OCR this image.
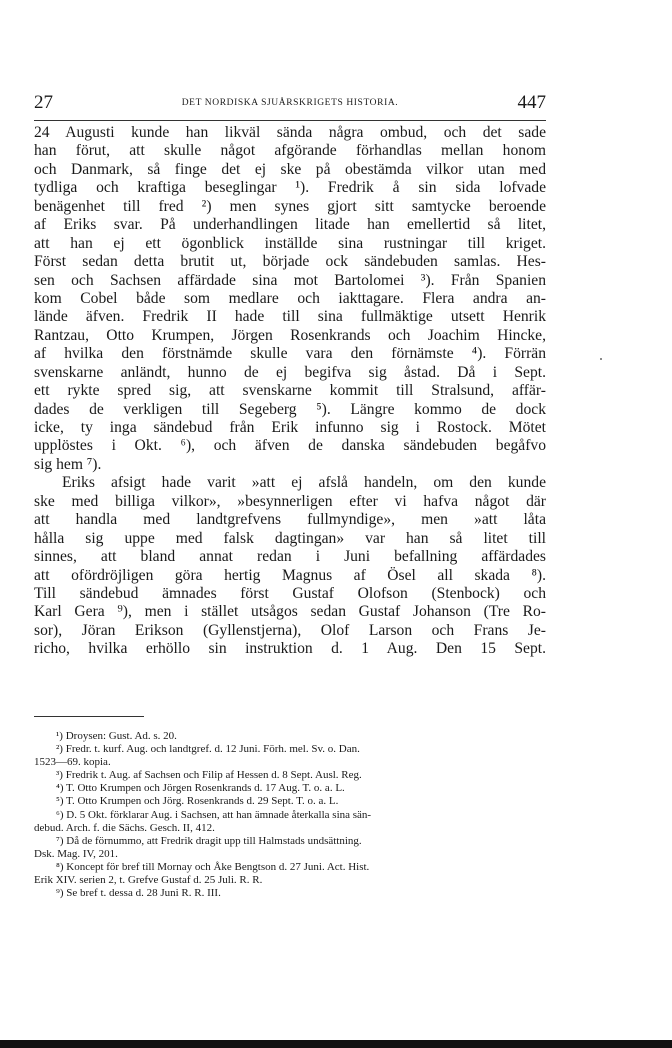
27	DET NORDISKA SJUÅRSKRIGETS HISTORIA.	447
24 Augusti kunde han likväl sända några ombud, och det sade
han förut, att skulle något afgörande förhandlas mellan honom
och Danmark, så finge det ej ske på obestämda vilkor utan med
tydliga och kraftiga beseglingar ¹). Fredrik å sin sida lofvade
benägenhet till fred ²) men synes gjort sitt samtycke beroende
af Eriks svar. På underhandlingen litade han emellertid så litet,
att han ej ett ögonblick inställde sina rustningar till kriget.
Först sedan detta brutit ut, började ock sändebuden samlas. Hes-
sen och Sachsen affärdade sina mot Bartolomei ³). Från Spanien
kom Cobel både som medlare och iakttagare. Flera andra an-
lände äfven. Fredrik II hade till sina fullmäktige utsett Henrik
Rantzau, Otto Krumpen, Jörgen Rosenkrands och Joachim Hincke,
af hvilka den förstnämde skulle vara den förnämste ⁴). Förrän
svenskarne anländt, hunno de ej begifva sig åstad. Då i Sept.
ett rykte spred sig, att svenskarne kommit till Stralsund, affär-
dades de verkligen till Segeberg ⁵). Längre kommo de dock
icke, ty inga sändebud från Erik infunno sig i Rostock. Mötet
upplöstes i Okt. ⁶), och äfven de danska sändebuden begåfvo
sig hem ⁷).
Eriks afsigt hade varit »att ej afslå handeln, om den kunde
ske med billiga vilkor», »besynnerligen efter vi hafva något där
att handla med landtgrefvens fullmyndige», men »att låta
hålla sig uppe med falsk dagtingan» var han så litet till
sinnes, att bland annat redan i Juni befallning affärdades
att ofördröjligen göra hertig Magnus af Ösel all skada ⁸).
Till sändebud ämnades först Gustaf Olofson (Stenbock) och
Karl Gera ⁹), men i stället utsågos sedan Gustaf Johanson (Tre Ro-
sor), Jöran Erikson (Gyllenstjerna), Olof Larson och Frans Je-
richo, hvilka erhöllo sin instruktion d. 1 Aug. Den 15 Sept.
¹) Droysen: Gust. Ad. s. 20.
²) Fredr. t. kurf. Aug. och landtgref. d. 12 Juni. Förh. mel. Sv. o. Dan.
1523—69. kopia.
³) Fredrik t. Aug. af Sachsen och Filip af Hessen d. 8 Sept. Ausl. Reg.
⁴) T. Otto Krumpen och Jörgen Rosenkrands d. 17 Aug. T. o. a. L.
⁵) T. Otto Krumpen och Jörg. Rosenkrands d. 29 Sept. T. o. a. L.
⁶) D. 5 Okt. förklarar Aug. i Sachsen, att han ämnade återkalla sina sän-
debud. Arch. f. die Sächs. Gesch. II, 412.
⁷) Då de förnummo, att Fredrik dragit upp till Halmstads undsättning.
Dsk. Mag. IV, 201.
⁸) Koncept för bref till Mornay och Åke Bengtson d. 27 Juni. Act. Hist.
Erik XIV. serien 2, t. Grefve Gustaf d. 25 Juli. R. R.
⁹) Se bref t. dessa d. 28 Juni R. R. III.
